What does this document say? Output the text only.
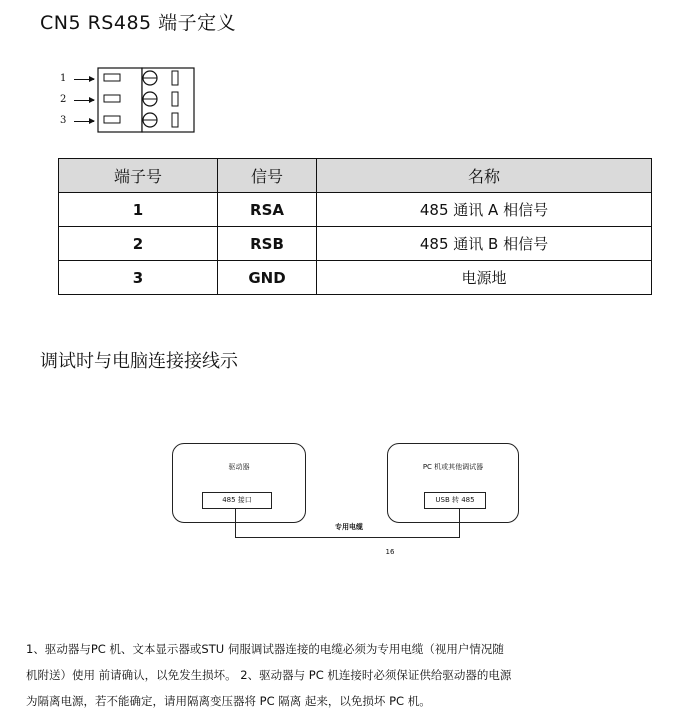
CN5 RS485 端子定义
1
2
3
端子号	信号	名称
1	RSA	485 通讯 A 相信号
2	RSB	485 通讯 B 相信号
3	GND	电源地
调试时与电脑连接接线示
驱动器
485 接口
PC 机或其他调试器
USB 转 485
专用电缆
16

1、驱动器与PC 机、文本显示器或STU 伺服调试器连接的电缆必须为专用电缆（视用户情况随

机附送）使用 前请确认，以免发生损坏。 2、驱动器与 PC 机连接时必须保证供给驱动器的电源

为隔离电源，若不能确定，请用隔离变压器将 PC 隔离 起来，以免损坏 PC 机。
